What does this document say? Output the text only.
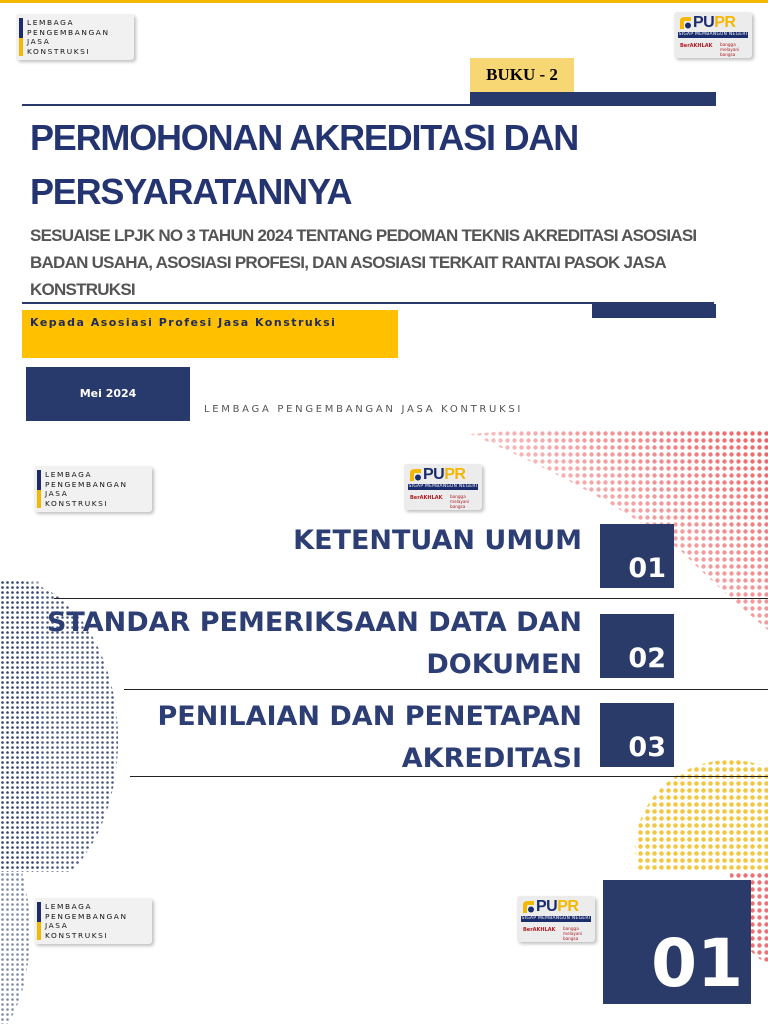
LEMBAGA
PENGEMBANGAN
JASA
KONSTRUKSI
PUPR
SIGAP MEMBANGUN NEGERI
BerAKHLAK bangga melayani bangsa
BUKU - 2
PERMOHONAN AKREDITASI DAN
PERSYARATANNYA
SESUAISE LPJK NO 3 TAHUN 2024 TENTANG PEDOMAN TEKNIS AKREDITASI ASOSIASI
BADAN USAHA, ASOSIASI PROFESI, DAN ASOSIASI TERKAIT RANTAI PASOK JASA
KONSTRUKSI
Kepada Asosiasi Profesi Jasa Konstruksi
Mei 2024
LEMBAGA PENGEMBANGAN JASA KONTRUKSI
LEMBAGA
PENGEMBANGAN
JASA
KONSTRUKSI
PUPR
SIGAP MEMBANGUN NEGERI
BerAKHLAK bangga melayani bangsa
KETENTUAN UMUM
01
STANDAR PEMERIKSAAN DATA DAN
DOKUMEN 02
PENILAIAN DAN PENETAPAN
AKREDITASI 03
LEMBAGA
PENGEMBANGAN
JASA
KONSTRUKSI
PUPR
SIGAP MEMBANGUN NEGERI
BerAKHLAK bangga melayani bangsa 01
